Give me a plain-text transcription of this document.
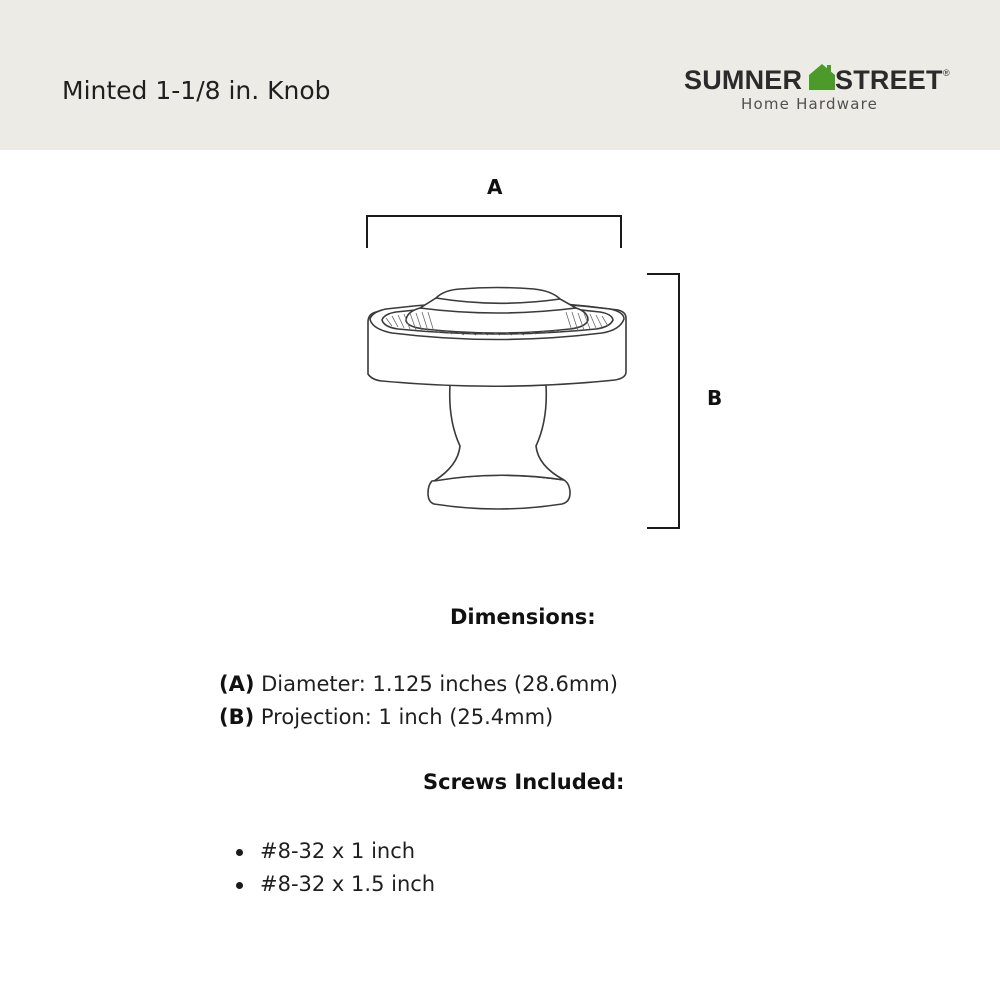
Minted 1-1/8 in. Knob	SUMNER STREET ®
Home Hardware
A
B
Dimensions:
(A) Diameter: 1.125 inches (28.6mm)
(B) Projection: 1 inch (25.4mm)
Screws Included:
#8-32 x 1 inch
#8-32 x 1.5 inch
